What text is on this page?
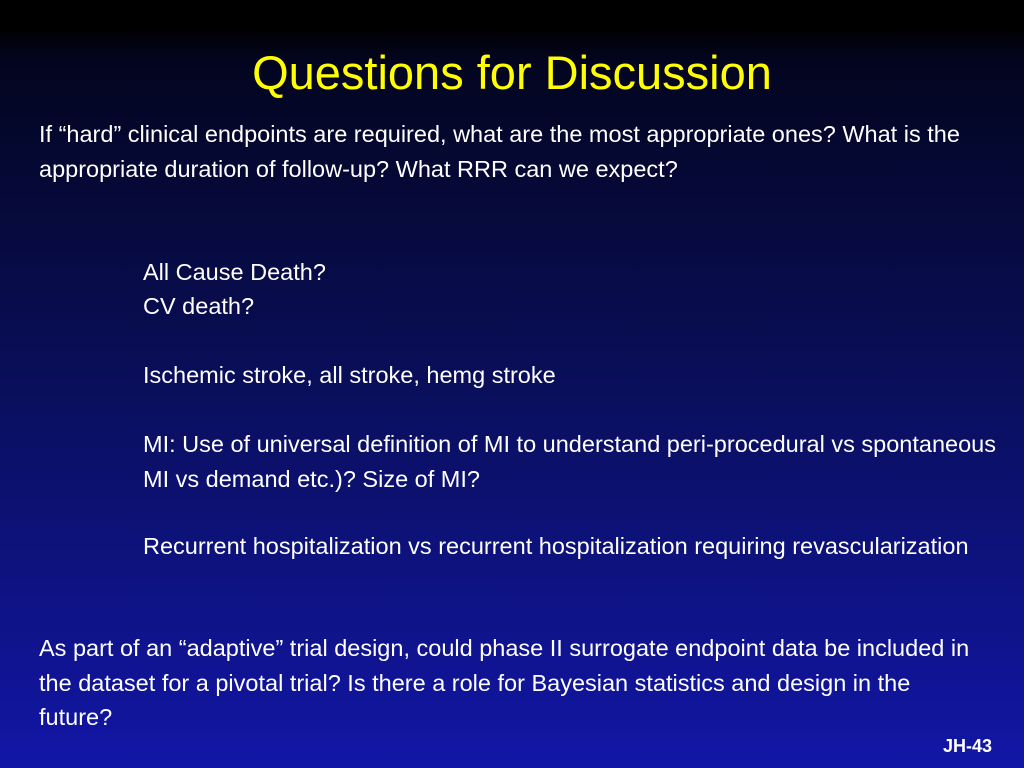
Questions for Discussion

If “hard” clinical endpoints are required, what are the most appropriate ones? What is the appropriate duration of follow-up? What RRR can we expect?

All Cause Death?

CV death?

Ischemic stroke, all stroke, hemg stroke

MI: Use of universal definition of MI to understand peri-procedural vs spontaneous MI vs demand etc.)? Size of MI?

Recurrent hospitalization vs recurrent hospitalization requiring revascularization

As part of an “adaptive” trial design, could phase II surrogate endpoint data be included in the dataset for a pivotal trial? Is there a role for Bayesian statistics and design in the future?

JH-43
